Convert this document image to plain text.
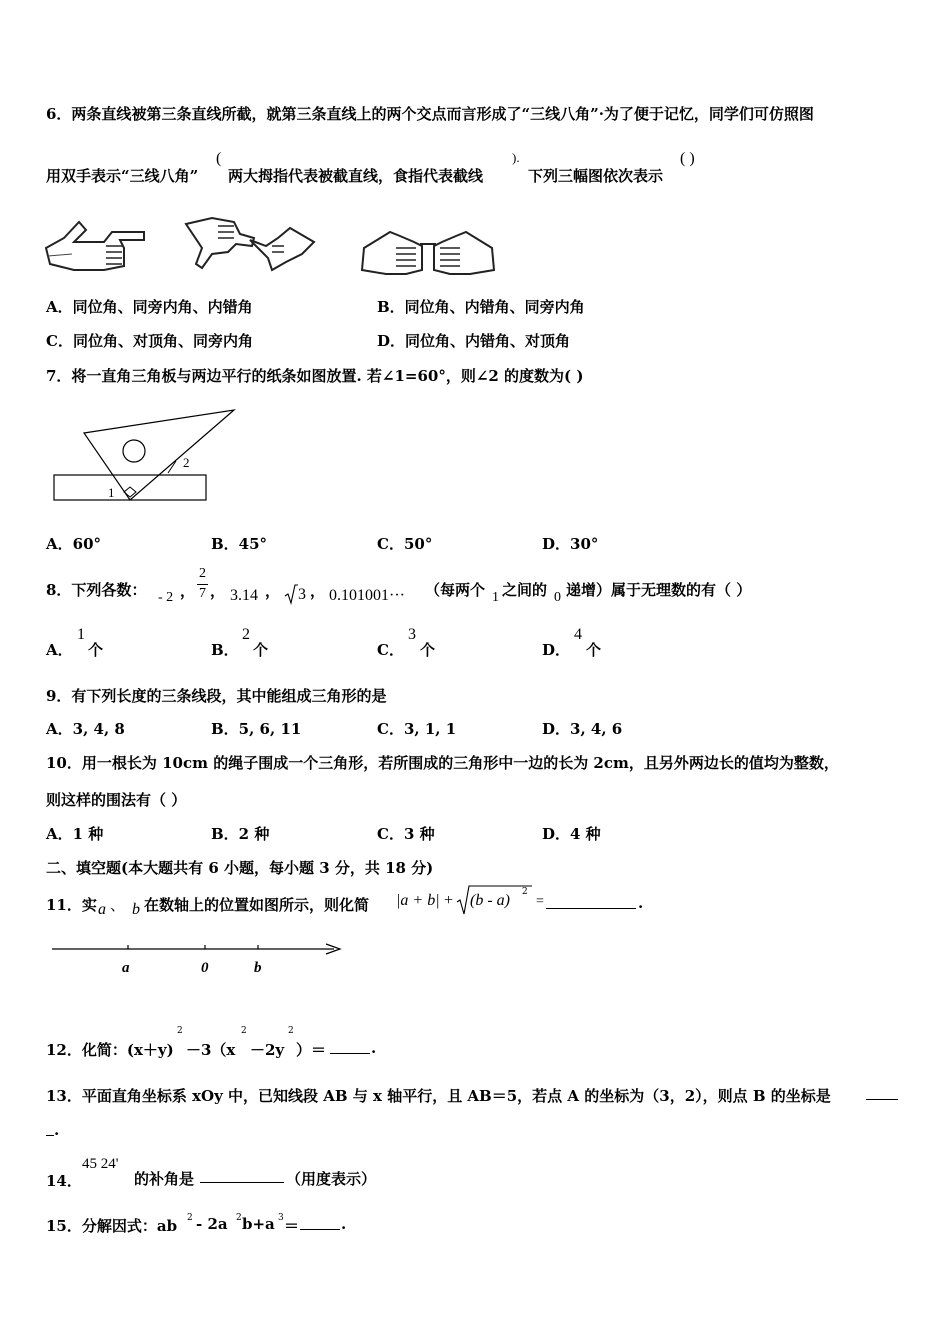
6．两条直线被第三条直线所截，就第三条直线上的两个交点而言形成了“三线八角”·为了便于记忆，同学们可仿照图
用双手表示“三线八角”
(
两大拇指代表被截直线，食指代表截线
).
下列三幅图依次表示
( )
A．同位角、同旁内角、内错角	B．同位角、内错角、同旁内角
C．同位角、对顶角、同旁内角	D．同位角、内错角、对顶角
7．将一直角三角板与两边平行的纸条如图放置. 若∠1=60°，则∠2 的度数为( )
1
2
A．60°	B．45°	C．50°	D．30°
8．下列各数： - 2 ，
2
7 ， 3.14 ， 3 ， 0.101001··· （每两个 1 之间的 0 递增）属于无理数的有（ ）
A．
1
个	B．
2
个	C．
3
个	D．
4
个
9．有下列长度的三条线段，其中能组成三角形的是
A．3, 4, 8	B．5, 6, 11	C．3, 1, 1	D．3, 4, 6
10．用一根长为 10cm 的绳子围成一个三角形，若所围成的三角形中一边的长为 2cm，且另外两边长的值均为整数，
则这样的围法有（ ）
A．1 种	B．2 种	C．3 种	D．4 种
二、填空题(本大题共有 6 小题，每小题 3 分，共 18 分)
11．实 a 、 b 在数轴上的位置如图所示，则化简 |a + b| + (b - a) 2
=	.
a	0	b
12．化简：(x＋y)
2
－3（x
2
－2y
2
）＝	.
13．平面直角坐标系 xOy 中，已知线段 AB 与 x 轴平行，且 AB＝5，若点 A 的坐标为（3，2），则点 B 的坐标是
.
14．
45 24'
的补角是	（用度表示）
15．分解因式：ab 2 - 2a 2 b+a 3 ＝	.
